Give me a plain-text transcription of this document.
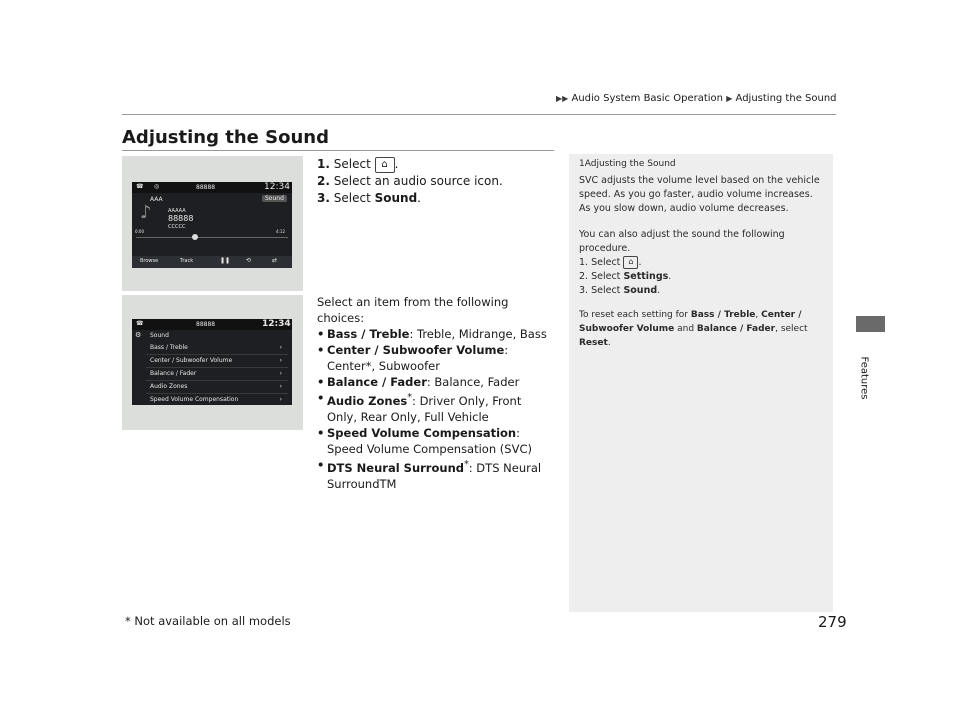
▶▶ Audio System Basic Operation ▶ Adjusting the Sound
Adjusting the Sound
Features
☎ ◎	88888	12:34
AAA	Sound
♪	AAAAA
88888
CCCCC
0:00	4:12
Browse	Track	❚❚	⟲	⇄
1. Select ⌂ .
2. Select an audio source icon.
3. Select Sound.
☎	88888	12:34
⚙ Sound
Bass / Treble	›
Center / Subwoofer Volume	›
Balance / Fader	›
Audio Zones	›
Speed Volume Compensation	›
Select an item from the following choices:
• Bass / Treble: Treble, Midrange, Bass
• Center / Subwoofer Volume: Center*, Subwoofer
• Balance / Fader: Balance, Fader
• Audio Zones*: Driver Only, Front Only, Rear Only, Full Vehicle
• Speed Volume Compensation: Speed Volume Compensation (SVC)
• DTS Neural Surround*: DTS Neural SurroundTM
1Adjusting the Sound
SVC adjusts the volume level based on the vehicle speed. As you go faster, audio volume increases. As you slow down, audio volume decreases.
You can also adjust the sound the following procedure.
1. Select ⌂ .
2. Select Settings.
3. Select Sound.
To reset each setting for Bass / Treble, Center / Subwoofer Volume and Balance / Fader, select Reset.
* Not available on all models	279
